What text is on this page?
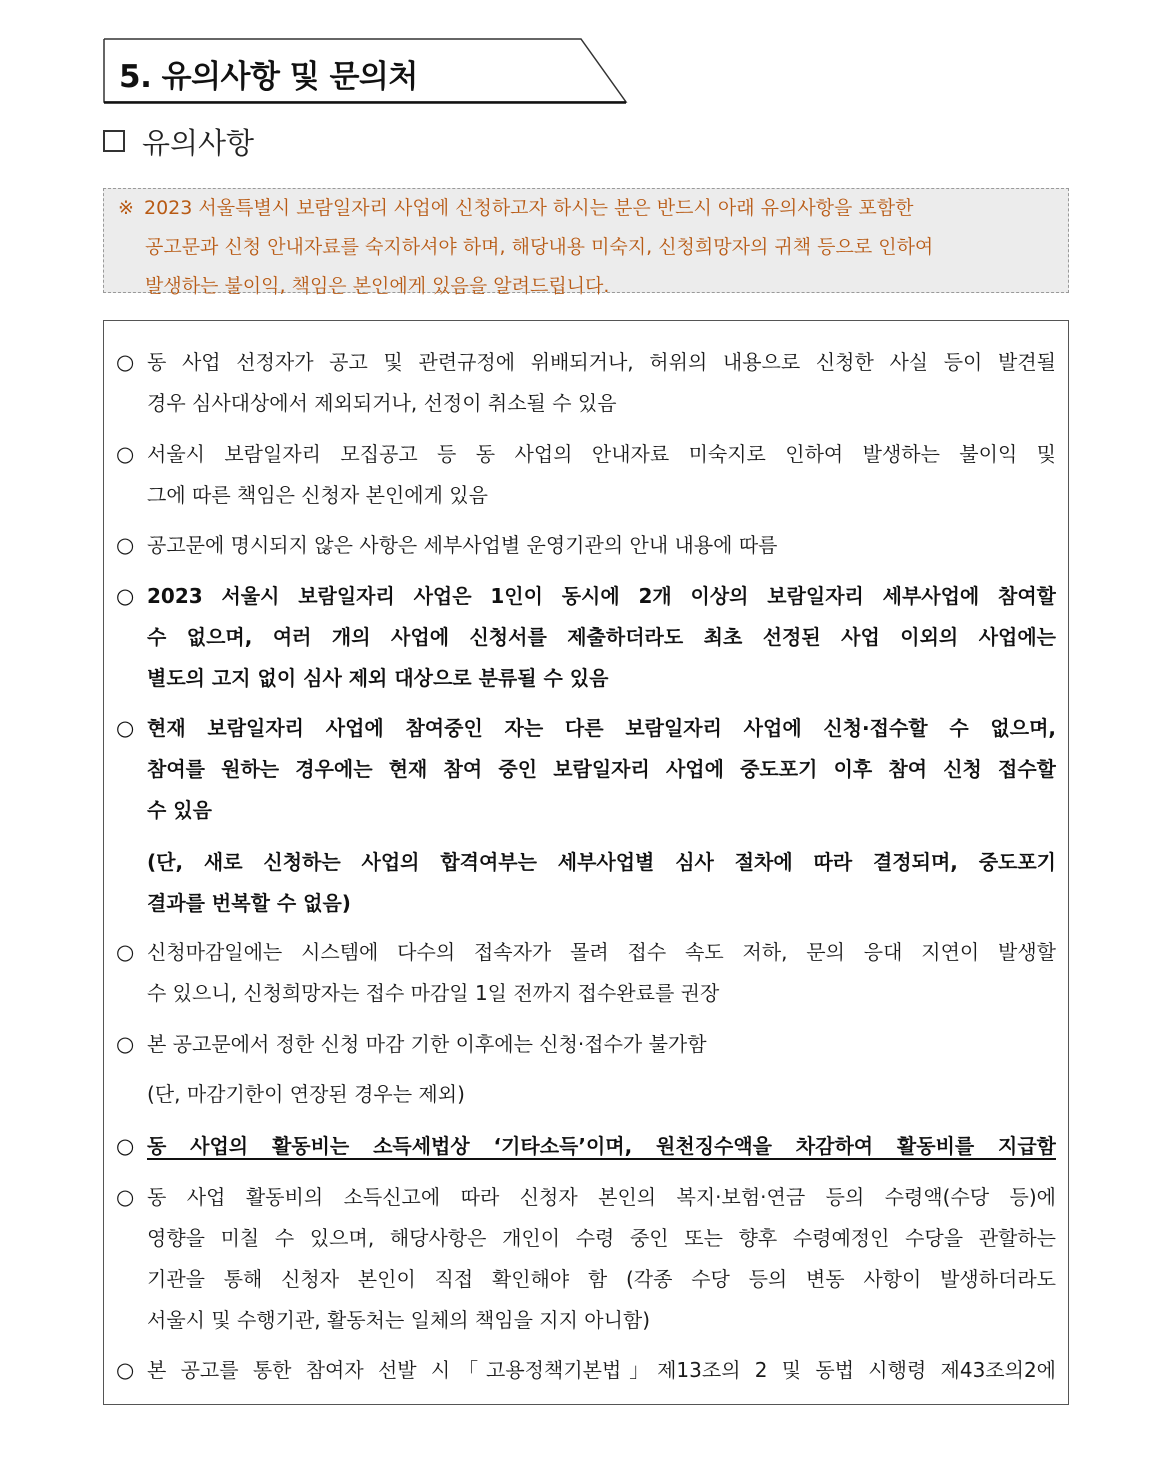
5. 유의사항 및 문의처
유의사항
※ 2023 서울특별시 보람일자리 사업에 신청하고자 하시는 분은 반드시 아래 유의사항을 포함한
공고문과 신청 안내자료를 숙지하셔야 하며, 해당내용 미숙지, 신청희망자의 귀책 등으로 인하여
발생하는 불이익, 책임은 본인에게 있음을 알려드립니다.
○ 동 사업 선정자가 공고 및 관련규정에 위배되거나, 허위의 내용으로 신청한 사실 등이 발견될
경우 심사대상에서 제외되거나, 선정이 취소될 수 있음
○ 서울시 보람일자리 모집공고 등 동 사업의 안내자료 미숙지로 인하여 발생하는 불이익 및
그에 따른 책임은 신청자 본인에게 있음
○ 공고문에 명시되지 않은 사항은 세부사업별 운영기관의 안내 내용에 따름
○ 2023 서울시 보람일자리 사업은 1인이 동시에 2개 이상의 보람일자리 세부사업에 참여할
수 없으며, 여러 개의 사업에 신청서를 제출하더라도 최초 선정된 사업 이외의 사업에는
별도의 고지 없이 심사 제외 대상으로 분류될 수 있음
○ 현재 보람일자리 사업에 참여중인 자는 다른 보람일자리 사업에 신청·접수할 수 없으며,
참여를 원하는 경우에는 현재 참여 중인 보람일자리 사업에 중도포기 이후 참여 신청 접수할
수 있음
(단, 새로 신청하는 사업의 합격여부는 세부사업별 심사 절차에 따라 결정되며, 중도포기
결과를 번복할 수 없음)
○ 신청마감일에는 시스템에 다수의 접속자가 몰려 접수 속도 저하, 문의 응대 지연이 발생할
수 있으니, 신청희망자는 접수 마감일 1일 전까지 접수완료를 권장
○ 본 공고문에서 정한 신청 마감 기한 이후에는 신청·접수가 불가함
(단, 마감기한이 연장된 경우는 제외)
○ 동 사업의 활동비는 소득세법상 ‘기타소득’이며, 원천징수액을 차감하여 활동비를 지급함
○ 동 사업 활동비의 소득신고에 따라 신청자 본인의 복지·보험·연금 등의 수령액(수당 등)에
영향을 미칠 수 있으며, 해당사항은 개인이 수령 중인 또는 향후 수령예정인 수당을 관할하는
기관을 통해 신청자 본인이 직접 확인해야 함 (각종 수당 등의 변동 사항이 발생하더라도
서울시 및 수행기관, 활동처는 일체의 책임을 지지 아니함)
○ 본 공고를 통한 참여자 선발 시「고용정책기본법」제13조의 2 및 동법 시행령 제43조의2에
